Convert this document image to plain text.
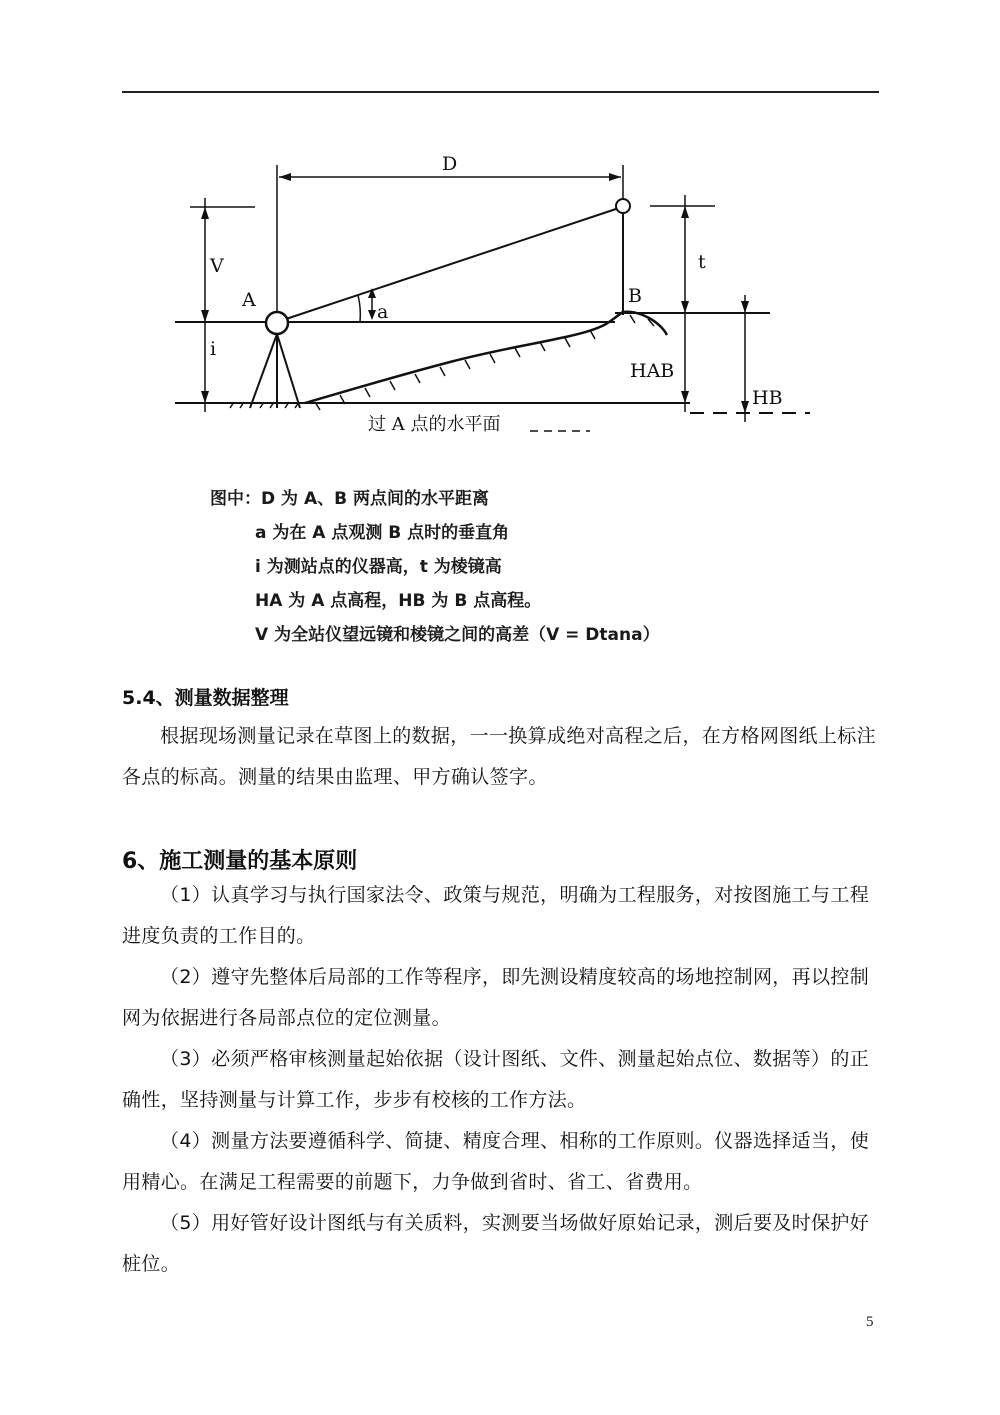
D
V
A	B
a
i
t
HAB
HB
过 A 点的水平面
图中：D 为 A、B 两点间的水平距离
a 为在 A 点观测 B 点时的垂直角
i 为测站点的仪器高，t 为棱镜高
HA 为 A 点高程，HB 为 B 点高程。
V 为全站仪望远镜和棱镜之间的高差（V = Dtana）
5.4、测量数据整理
根据现场测量记录在草图上的数据，一一换算成绝对高程之后，在方格网图纸上标注各点的标高。测量的结果由监理、甲方确认签字。
6、施工测量的基本原则
（1）认真学习与执行国家法令、政策与规范，明确为工程服务，对按图施工与工程进度负责的工作目的。
（2）遵守先整体后局部的工作等程序，即先测设精度较高的场地控制网，再以控制网为依据进行各局部点位的定位测量。
（3）必须严格审核测量起始依据（设计图纸、文件、测量起始点位、数据等）的正确性，坚持测量与计算工作，步步有校核的工作方法。
（4）测量方法要遵循科学、简捷、精度合理、相称的工作原则。仪器选择适当，使用精心。在满足工程需要的前题下，力争做到省时、省工、省费用。
（5）用好管好设计图纸与有关质料，实测要当场做好原始记录，测后要及时保护好桩位。
5
